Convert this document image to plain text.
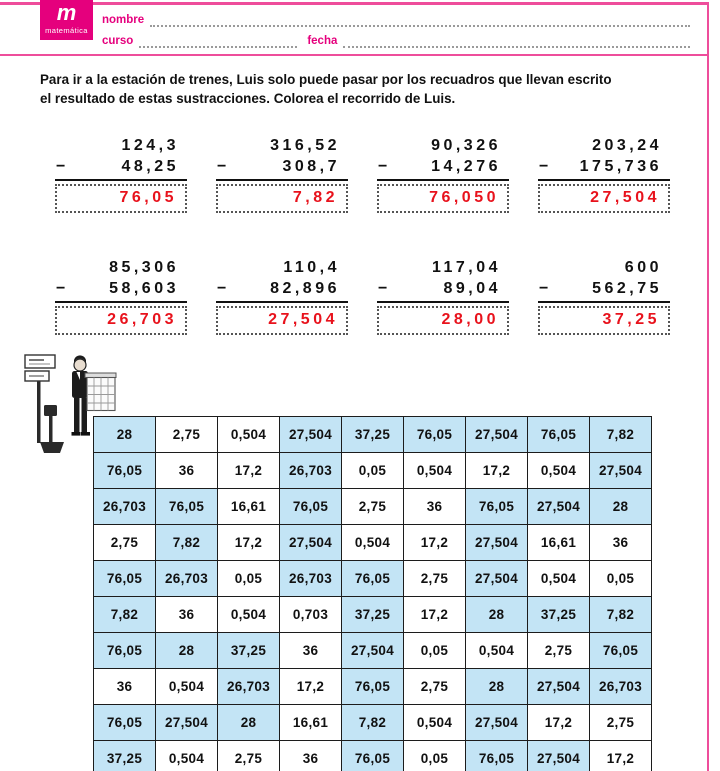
m
matemática
nombre
curso	fecha
Para ir a la estación de trenes, Luis solo puede pasar por los recuadros que llevan escrito
el resultado de estas sustracciones. Colorea el recorrido de Luis.
124,3
−	48,25
76,05
316,52
−	308,7
7,82
90,326
−	14,276
76,050
203,24
− 175,736
27,504
85,306
−	58,603
26,703
110,4
−	82,896
27,504
117,04
−	89,04
28,00
600
−	562,75
37,25
28	2,75	0,504	27,504	37,25	76,05	27,504	76,05	7,82
76,05	36	17,2	26,703	0,05	0,504	17,2	0,504	27,504
26,703	76,05	16,61	76,05	2,75	36	76,05	27,504	28
2,75	7,82	17,2	27,504	0,504	17,2	27,504	16,61	36
76,05	26,703	0,05	26,703	76,05	2,75	27,504	0,504	0,05
7,82	36	0,504	0,703	37,25	17,2	28	37,25	7,82
76,05	28	37,25	36	27,504	0,05	0,504	2,75	76,05
36	0,504	26,703	17,2	76,05	2,75	28	27,504	26,703
76,05	27,504	28	16,61	7,82	0,504	27,504	17,2	2,75
37,25	0,504	2,75	36	76,05	0,05	76,05	27,504	17,2
